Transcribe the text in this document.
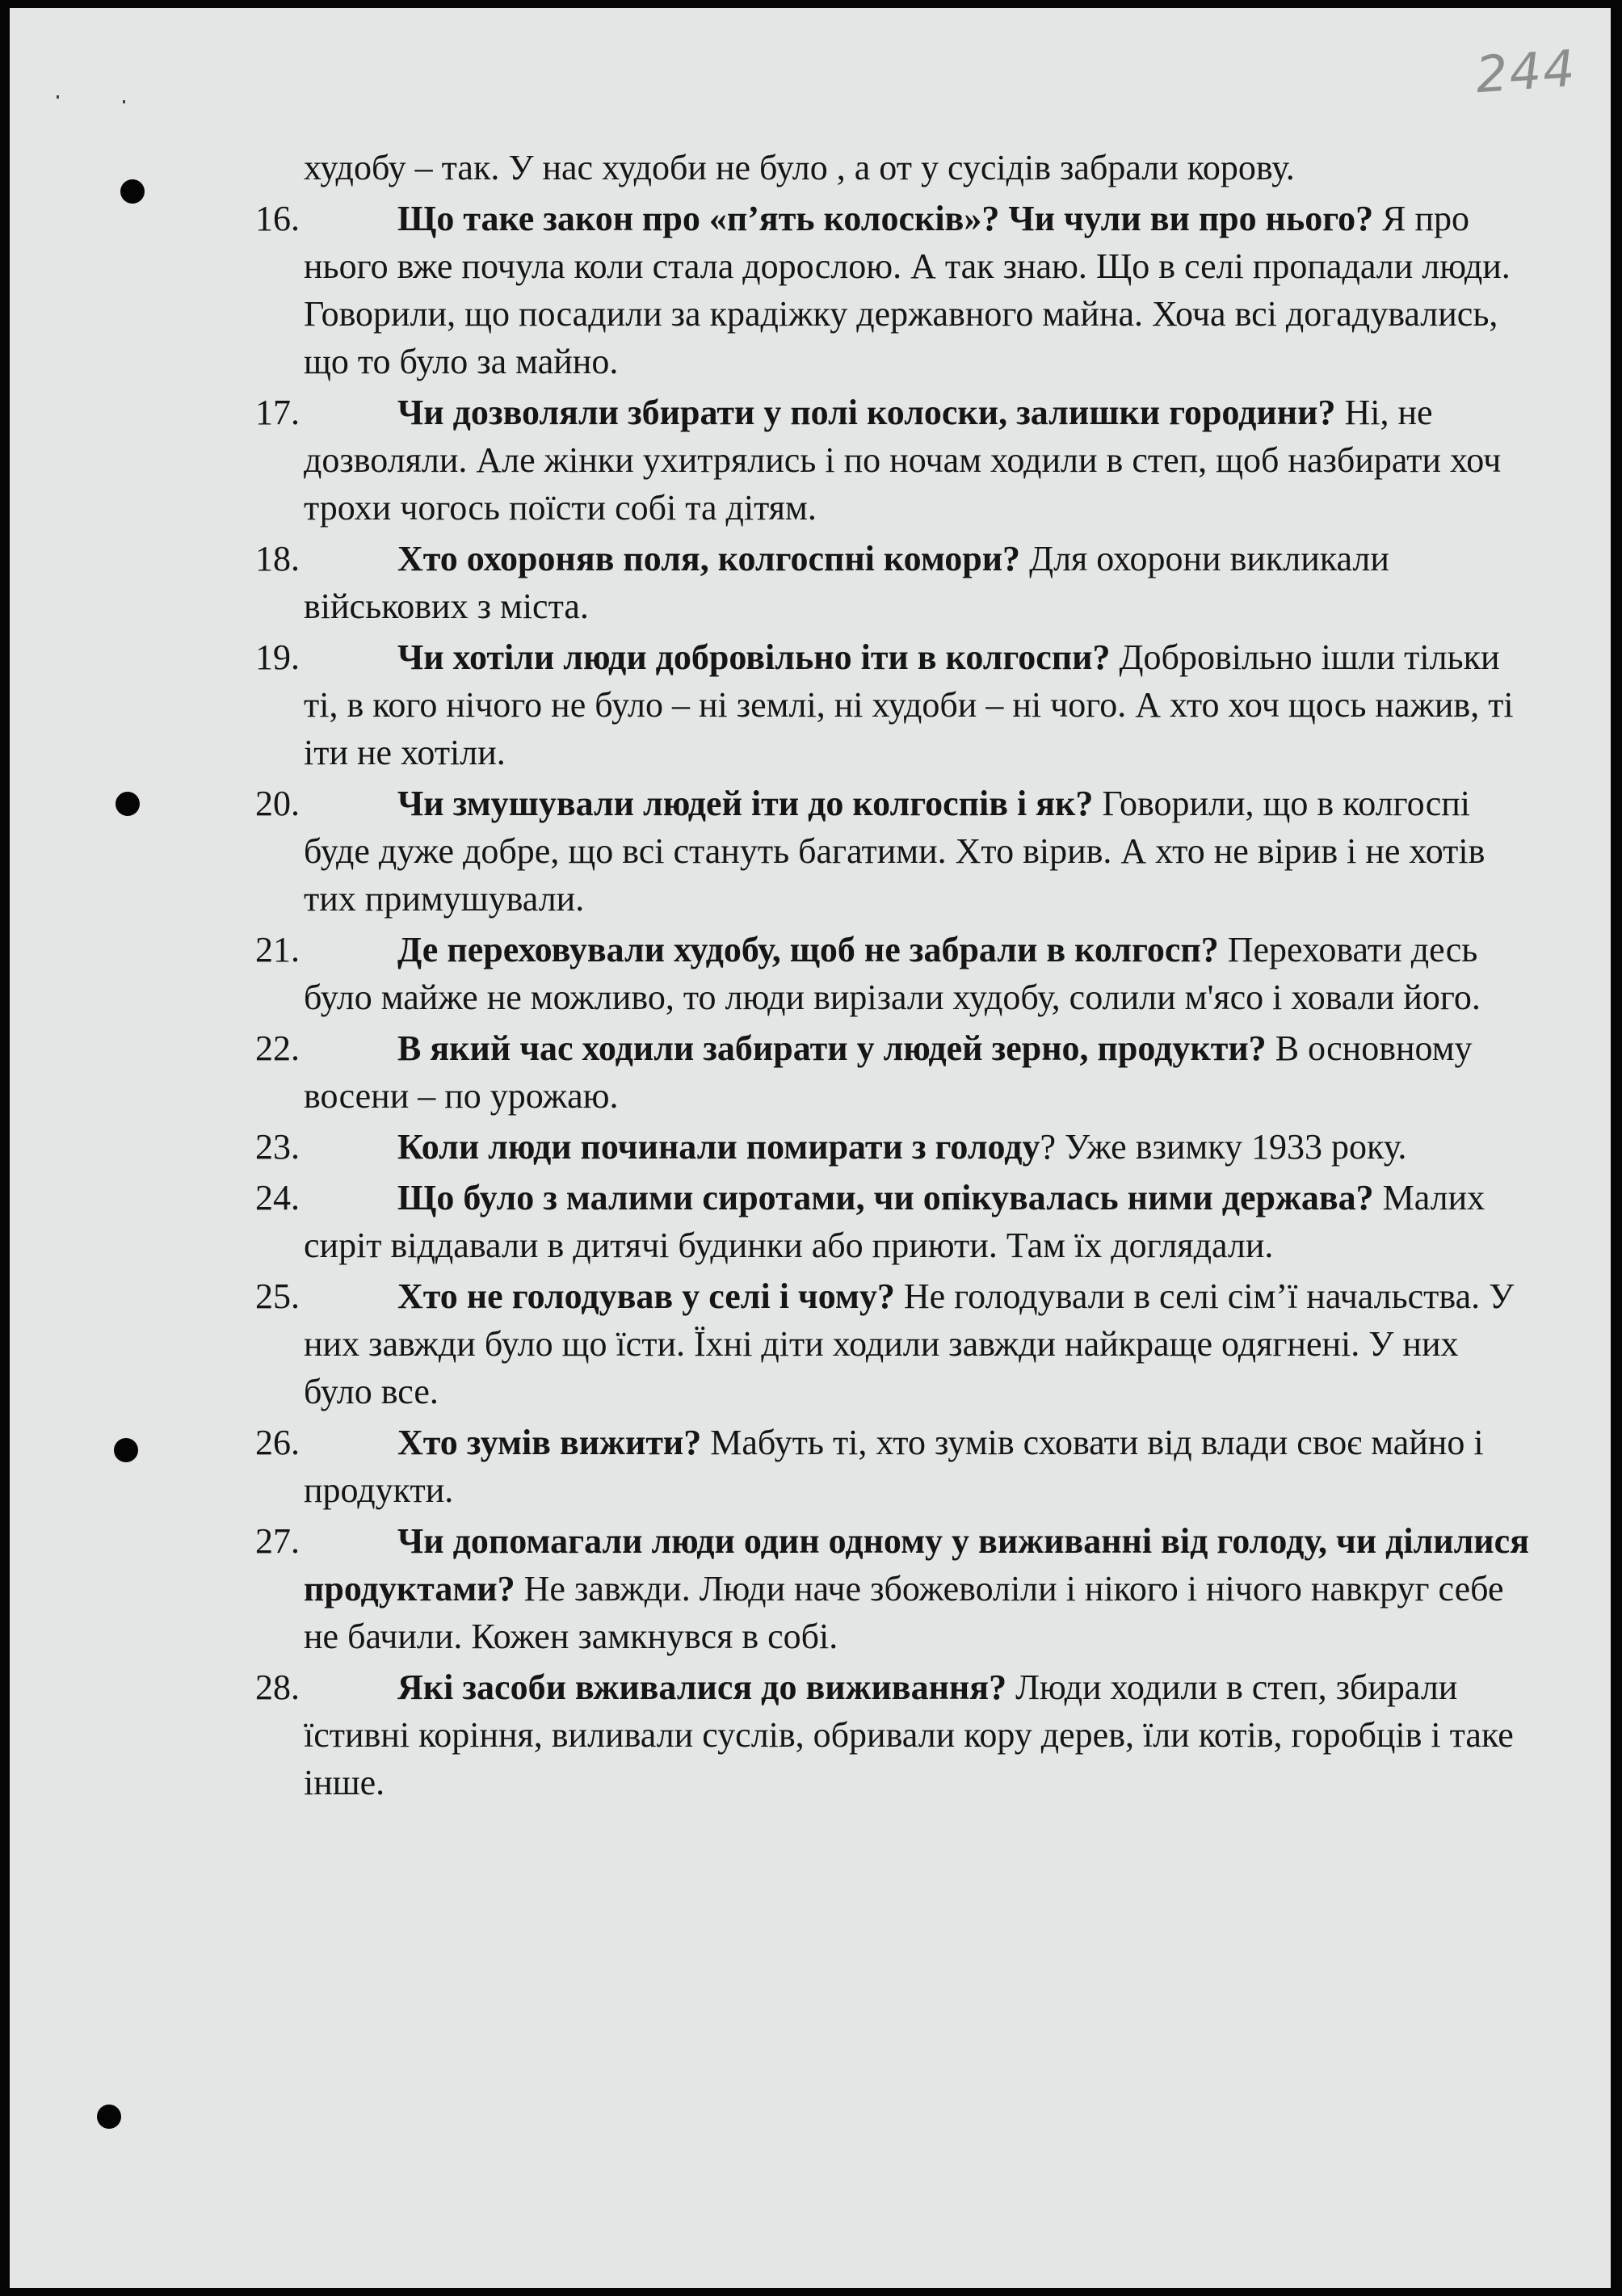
244
худобу – так. У нас худоби не було , а от у сусідів забрали корову.
16.	Що таке закон про «п’ять колосків»? Чи чули ви про нього? Я про нього вже почула коли стала дорослою. А так знаю. Що в селі пропадали люди. Говорили, що посадили за крадіжку державного майна. Хоча всі догадувались, що то було за майно.
17.	Чи дозволяли збирати у полі колоски, залишки городини? Ні, не дозволяли. Але жінки ухитрялись і по ночам ходили в степ, щоб назбирати хоч трохи чогось поїсти собі та дітям.
18.	Хто охороняв поля, колгоспні комори? Для охорони викликали військових з міста.
19.	Чи хотіли люди добровільно іти в колгоспи? Добровільно ішли тільки ті, в кого нічого не було – ні землі, ні худоби – ні чого. А хто хоч щось нажив, ті іти не хотіли.
20.	Чи змушували людей іти до колгоспів і як? Говорили, що в колгоспі буде дуже добре, що всі стануть багатими. Хто вірив. А хто не вірив і не хотів тих примушували.
21.	Де переховували худобу, щоб не забрали в колгосп? Переховати десь було майже не можливо, то люди вирізали худобу, солили м'ясо і ховали його.
22.	В який час ходили забирати у людей зерно, продукти? В основному восени – по урожаю.
23.	Коли люди починали помирати з голоду? Уже взимку 1933 року.
24.	Що було з малими сиротами, чи опікувалась ними держава? Малих сиріт віддавали в дитячі будинки або приюти. Там їх доглядали.
25.	Хто не голодував у селі і чому? Не голодували в селі сім’ї начальства. У них завжди було що їсти. Їхні діти ходили завжди найкраще одягнені. У них було все.
26.	Хто зумів вижити? Мабуть ті, хто зумів сховати від влади своє майно і продукти.
27.	Чи допомагали люди один одному у виживанні від голоду, чи ділилися продуктами? Не завжди. Люди наче збожеволіли і нікого і нічого навкруг себе не бачили. Кожен замкнувся в собі.
28.	Які засоби вживалися до виживання? Люди ходили в степ, збирали їстивні коріння, виливали суслів, обривали кору дерев, їли котів, горобців і таке інше.
